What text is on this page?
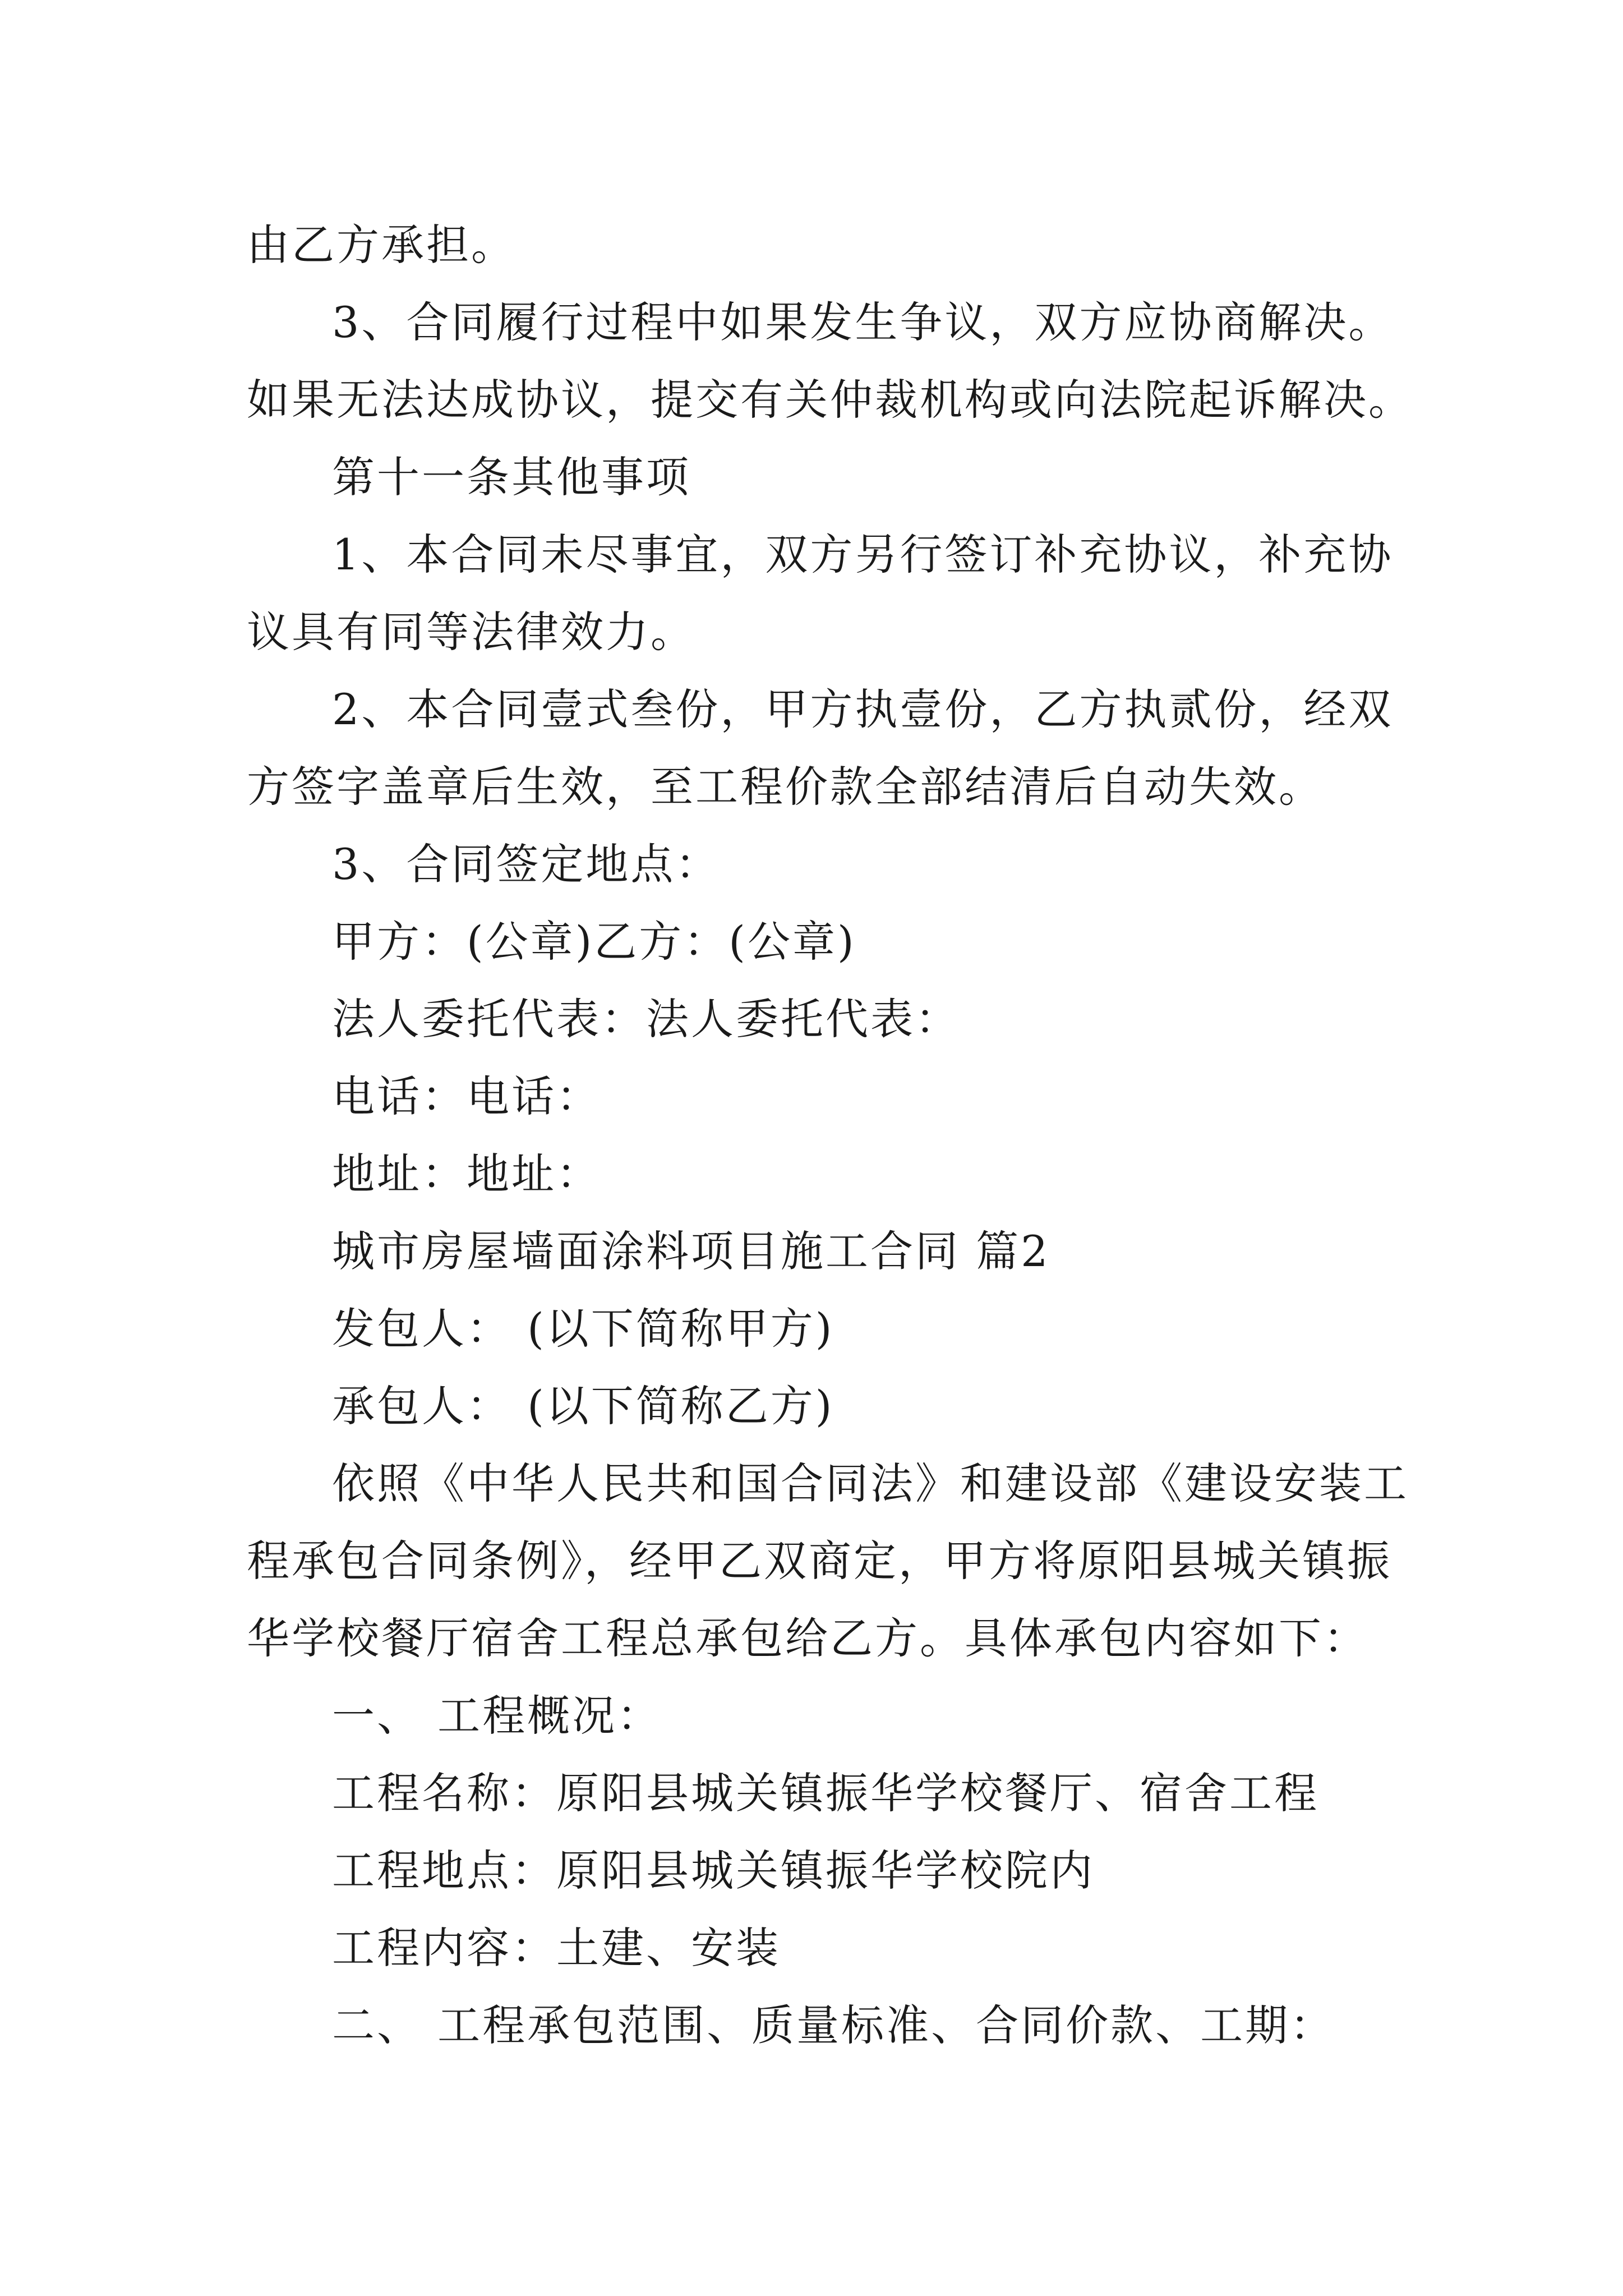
由乙方承担。

3、合同履行过程中如果发生争议，双方应协商解决。

如果无法达成协议，提交有关仲裁机构或向法院起诉解决。

第十一条其他事项

1、本合同未尽事宜，双方另行签订补充协议，补充协

议具有同等法律效力。

2、本合同壹式叁份，甲方执壹份，乙方执贰份，经双

方签字盖章后生效，至工程价款全部结清后自动失效。

3、合同签定地点：

甲方：(公章)乙方：(公章)

法人委托代表：法人委托代表：

电话：电话：

地址：地址：

城市房屋墙面涂料项目施工合同 篇2

发包人： (以下简称甲方)

承包人： (以下简称乙方)

依照《中华人民共和国合同法》和建设部《建设安装工

程承包合同条例》，经甲乙双商定，甲方将原阳县城关镇振

华学校餐厅宿舍工程总承包给乙方。具体承包内容如下：

一、 工程概况：

工程名称：原阳县城关镇振华学校餐厅、宿舍工程

工程地点：原阳县城关镇振华学校院内

工程内容：土建、安装

二、 工程承包范围、质量标准、合同价款、工期：
